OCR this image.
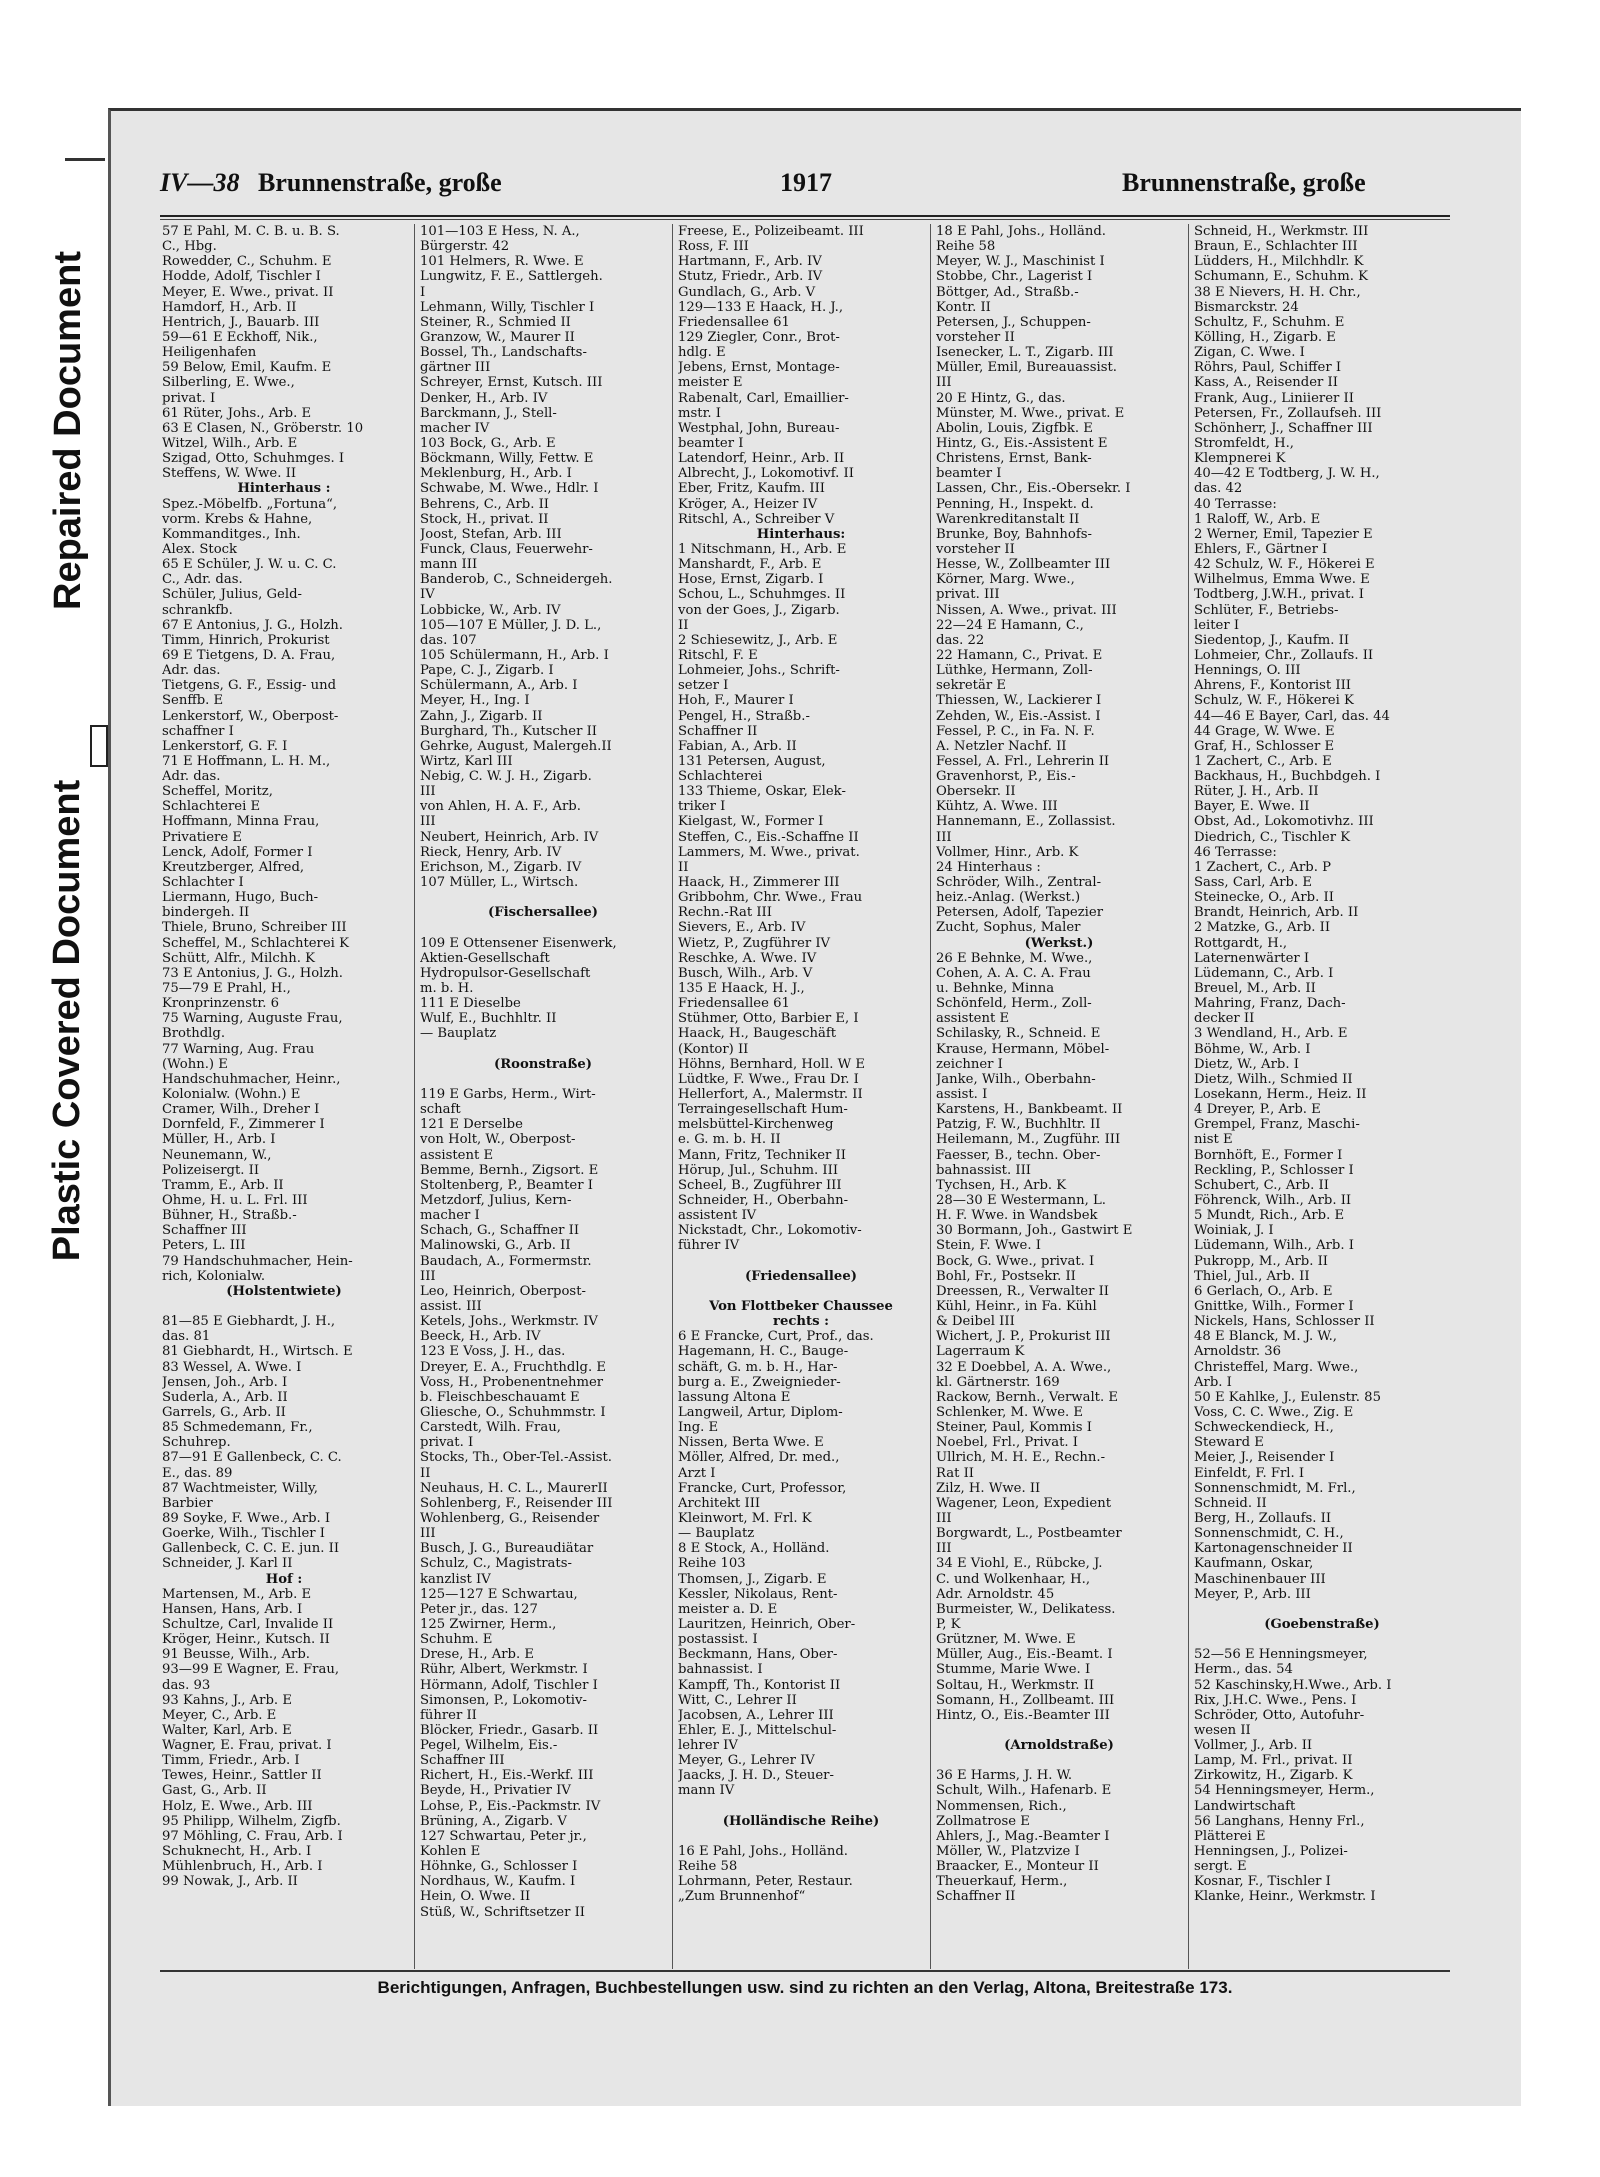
Repaired Document
Plastic Covered Document
IV—38 Brunnenstraße, große	1917	Brunnenstraße, große
57 E Pahl, M. C. B. u. B. S.
C., Hbg.
Rowedder, C., Schuhm. E
Hodde, Adolf, Tischler I
Meyer, E. Wwe., privat. II
Hamdorf, H., Arb. II
Hentrich, J., Bauarb. III
59—61 E Eckhoff, Nik.,
Heiligenhafen
59 Below, Emil, Kaufm. E
Silberling, E. Wwe.,
privat. I
61 Rüter, Johs., Arb. E
63 E Clasen, N., Gröberstr. 10
Witzel, Wilh., Arb. E
Szigad, Otto, Schuhmges. I
Steffens, W. Wwe. II
Hinterhaus :
Spez.-Möbelfb. „Fortuna“,
vorm. Krebs & Hahne,
Kommanditges., Inh.
Alex. Stock
65 E Schüler, J. W. u. C. C.
C., Adr. das.
Schüler, Julius, Geld-
schrankfb.
67 E Antonius, J. G., Holzh.
Timm, Hinrich, Prokurist
69 E Tietgens, D. A. Frau,
Adr. das.
Tietgens, G. F., Essig- und
Senffb. E
Lenkerstorf, W., Oberpost-
schaffner I
Lenkerstorf, G. F. I
71 E Hoffmann, L. H. M.,
Adr. das.
Scheffel, Moritz,
Schlachterei E
Hoffmann, Minna Frau,
Privatiere E
Lenck, Adolf, Former I
Kreutzberger, Alfred,
Schlachter I
Liermann, Hugo, Buch-
bindergeh. II
Thiele, Bruno, Schreiber III
Scheffel, M., Schlachterei K
Schütt, Alfr., Milchh. K
73 E Antonius, J. G., Holzh.
75—79 E Prahl, H.,
Kronprinzenstr. 6
75 Warning, Auguste Frau,
Brothdlg.
77 Warning, Aug. Frau
(Wohn.) E
Handschuhmacher, Heinr.,
Kolonialw. (Wohn.) E
Cramer, Wilh., Dreher I
Dornfeld, F., Zimmerer I
Müller, H., Arb. I
Neunemann, W.,
Polizeisergt. II
Tramm, E., Arb. II
Ohme, H. u. L. Frl. III
Bühner, H., Straßb.-
Schaffner III
Peters, L. III
79 Handschuhmacher, Hein-
rich, Kolonialw.
(Holstentwiete)
81—85 E Giebhardt, J. H.,
das. 81
81 Giebhardt, H., Wirtsch. E
83 Wessel, A. Wwe. I
Jensen, Joh., Arb. I
Suderla, A., Arb. II
Garrels, G., Arb. II
85 Schmedemann, Fr.,
Schuhrep.
87—91 E Gallenbeck, C. C.
E., das. 89
87 Wachtmeister, Willy,
Barbier
89 Soyke, F. Wwe., Arb. I
Goerke, Wilh., Tischler I
Gallenbeck, C. C. E. jun. II
Schneider, J. Karl II
Hof :
Martensen, M., Arb. E
Hansen, Hans, Arb. I
Schultze, Carl, Invalide II
Kröger, Heinr., Kutsch. II
91 Beusse, Wilh., Arb.
93—99 E Wagner, E. Frau,
das. 93
93 Kahns, J., Arb. E
Meyer, C., Arb. E
Walter, Karl, Arb. E
Wagner, E. Frau, privat. I
Timm, Friedr., Arb. I
Tewes, Heinr., Sattler II
Gast, G., Arb. II
Holz, E. Wwe., Arb. III
95 Philipp, Wilhelm, Zigfb.
97 Möhling, C. Frau, Arb. I
Schuknecht, H., Arb. I
Mühlenbruch, H., Arb. I
99 Nowak, J., Arb. II
101—103 E Hess, N. A.,
Bürgerstr. 42
101 Helmers, R. Wwe. E
Lungwitz, F. E., Sattlergeh.
I
Lehmann, Willy, Tischler I
Steiner, R., Schmied II
Granzow, W., Maurer II
Bossel, Th., Landschafts-
gärtner III
Schreyer, Ernst, Kutsch. III
Denker, H., Arb. IV
Barckmann, J., Stell-
macher IV
103 Bock, G., Arb. E
Böckmann, Willy, Fettw. E
Meklenburg, H., Arb. I
Schwabe, M. Wwe., Hdlr. I
Behrens, C., Arb. II
Stock, H., privat. II
Joost, Stefan, Arb. III
Funck, Claus, Feuerwehr-
mann III
Banderob, C., Schneidergeh.
IV
Lobbicke, W., Arb. IV
105—107 E Müller, J. D. L.,
das. 107
105 Schülermann, H., Arb. I
Pape, C. J., Zigarb. I
Schülermann, A., Arb. I
Meyer, H., Ing. I
Zahn, J., Zigarb. II
Burghard, Th., Kutscher II
Gehrke, August, Malergeh.II
Wirtz, Karl III
Nebig, C. W. J. H., Zigarb.
III
von Ahlen, H. A. F., Arb.
III
Neubert, Heinrich, Arb. IV
Rieck, Henry, Arb. IV
Erichson, M., Zigarb. IV
107 Müller, L., Wirtsch.
(Fischersallee)
109 E Ottensener Eisenwerk,
Aktien-Gesellschaft
Hydropulsor-Gesellschaft
m. b. H.
111 E Dieselbe
Wulf, E., Buchhltr. II
— Bauplatz
(Roonstraße)
119 E Garbs, Herm., Wirt-
schaft
121 E Derselbe
von Holt, W., Oberpost-
assistent E
Bemme, Bernh., Zigsort. E
Stoltenberg, P., Beamter I
Metzdorf, Julius, Kern-
macher I
Schach, G., Schaffner II
Malinowski, G., Arb. II
Baudach, A., Formermstr.
III
Leo, Heinrich, Oberpost-
assist. III
Ketels, Johs., Werkmstr. IV
Beeck, H., Arb. IV
123 E Voss, J. H., das.
Dreyer, E. A., Fruchthdlg. E
Voss, H., Probenentnehmer
b. Fleischbeschauamt E
Gliesche, O., Schuhmmstr. I
Carstedt, Wilh. Frau,
privat. I
Stocks, Th., Ober-Tel.-Assist.
II
Neuhaus, H. C. L., MaurerII
Sohlenberg, F., Reisender III
Wohlenberg, G., Reisender
III
Busch, J. G., Bureaudiätar
Schulz, C., Magistrats-
kanzlist IV
125—127 E Schwartau,
Peter jr., das. 127
125 Zwirner, Herm.,
Schuhm. E
Drese, H., Arb. E
Rühr, Albert, Werkmstr. I
Hörmann, Adolf, Tischler I
Simonsen, P., Lokomotiv-
führer II
Blöcker, Friedr., Gasarb. II
Pegel, Wilhelm, Eis.-
Schaffner III
Richert, H., Eis.-Werkf. III
Beyde, H., Privatier IV
Lohse, P., Eis.-Packmstr. IV
Brüning, A., Zigarb. V
127 Schwartau, Peter jr.,
Kohlen E
Höhnke, G., Schlosser I
Nordhaus, W., Kaufm. I
Hein, O. Wwe. II
Stüß, W., Schriftsetzer II
Freese, E., Polizeibeamt. III
Ross, F. III
Hartmann, F., Arb. IV
Stutz, Friedr., Arb. IV
Gundlach, G., Arb. V
129—133 E Haack, H. J.,
Friedensallee 61
129 Ziegler, Conr., Brot-
hdlg. E
Jebens, Ernst, Montage-
meister E
Rabenalt, Carl, Emaillier-
mstr. I
Westphal, John, Bureau-
beamter I
Latendorf, Heinr., Arb. II
Albrecht, J., Lokomotivf. II
Eber, Fritz, Kaufm. III
Kröger, A., Heizer IV
Ritschl, A., Schreiber V
Hinterhaus:
1 Nitschmann, H., Arb. E
Manshardt, F., Arb. E
Hose, Ernst, Zigarb. I
Schou, L., Schuhmges. II
von der Goes, J., Zigarb.
II
2 Schiesewitz, J., Arb. E
Ritschl, F. E
Lohmeier, Johs., Schrift-
setzer I
Hoh, F., Maurer I
Pengel, H., Straßb.-
Schaffner II
Fabian, A., Arb. II
131 Petersen, August,
Schlachterei
133 Thieme, Oskar, Elek-
triker I
Kielgast, W., Former I
Steffen, C., Eis.-Schaffne II
Lammers, M. Wwe., privat.
II
Haack, H., Zimmerer III
Gribbohm, Chr. Wwe., Frau
Rechn.-Rat III
Sievers, E., Arb. IV
Wietz, P., Zugführer IV
Reschke, A. Wwe. IV
Busch, Wilh., Arb. V
135 E Haack, H. J.,
Friedensallee 61
Stühmer, Otto, Barbier E, I
Haack, H., Baugeschäft
(Kontor) II
Höhns, Bernhard, Holl. W E
Lüdtke, F. Wwe., Frau Dr. I
Hellerfort, A., Malermstr. II
Terraingesellschaft Hum-
melsbüttel-Kirchenweg
e. G. m. b. H. II
Mann, Fritz, Techniker II
Hörup, Jul., Schuhm. III
Scheel, B., Zugführer III
Schneider, H., Oberbahn-
assistent IV
Nickstadt, Chr., Lokomotiv-
führer IV
(Friedensallee)
Von Flottbeker Chaussee
rechts :
6 E Francke, Curt, Prof., das.
Hagemann, H. C., Bauge-
schäft, G. m. b. H., Har-
burg a. E., Zweignieder-
lassung Altona E
Langweil, Artur, Diplom-
Ing. E
Nissen, Berta Wwe. E
Möller, Alfred, Dr. med.,
Arzt I
Francke, Curt, Professor,
Architekt III
Kleinwort, M. Frl. K
— Bauplatz
8 E Stock, A., Holländ.
Reihe 103
Thomsen, J., Zigarb. E
Kessler, Nikolaus, Rent-
meister a. D. E
Lauritzen, Heinrich, Ober-
postassist. I
Beckmann, Hans, Ober-
bahnassist. I
Kampff, Th., Kontorist II
Witt, C., Lehrer II
Jacobsen, A., Lehrer III
Ehler, E. J., Mittelschul-
lehrer IV
Meyer, G., Lehrer IV
Jaacks, J. H. D., Steuer-
mann IV
(Holländische Reihe)
16 E Pahl, Johs., Holländ.
Reihe 58
Lohrmann, Peter, Restaur.
„Zum Brunnenhof“
18 E Pahl, Johs., Holländ.
Reihe 58
Meyer, W. J., Maschinist I
Stobbe, Chr., Lagerist I
Böttger, Ad., Straßb.-
Kontr. II
Petersen, J., Schuppen-
vorsteher II
Isenecker, L. T., Zigarb. III
Müller, Emil, Bureauassist.
III
20 E Hintz, G., das.
Münster, M. Wwe., privat. E
Abolin, Louis, Zigfbk. E
Hintz, G., Eis.-Assistent E
Christens, Ernst, Bank-
beamter I
Lassen, Chr., Eis.-Obersekr. I
Penning, H., Inspekt. d.
Warenkreditanstalt II
Brunke, Boy, Bahnhofs-
vorsteher II
Hesse, W., Zollbeamter III
Körner, Marg. Wwe.,
privat. III
Nissen, A. Wwe., privat. III
22—24 E Hamann, C.,
das. 22
22 Hamann, C., Privat. E
Lüthke, Hermann, Zoll-
sekretär E
Thiessen, W., Lackierer I
Zehden, W., Eis.-Assist. I
Fessel, P. C., in Fa. N. F.
A. Netzler Nachf. II
Fessel, A. Frl., Lehrerin II
Gravenhorst, P., Eis.-
Obersekr. II
Kühtz, A. Wwe. III
Hannemann, E., Zollassist.
III
Vollmer, Hinr., Arb. K
24 Hinterhaus :
Schröder, Wilh., Zentral-
heiz.-Anlag. (Werkst.)
Petersen, Adolf, Tapezier
Zucht, Sophus, Maler
(Werkst.)
26 E Behnke, M. Wwe.,
Cohen, A. A. C. A. Frau
u. Behnke, Minna
Schönfeld, Herm., Zoll-
assistent E
Schilasky, R., Schneid. E
Krause, Hermann, Möbel-
zeichner I
Janke, Wilh., Oberbahn-
assist. I
Karstens, H., Bankbeamt. II
Patzig, F. W., Buchhltr. II
Heilemann, M., Zugführ. III
Faesser, B., techn. Ober-
bahnassist. III
Tychsen, H., Arb. K
28—30 E Westermann, L.
H. F. Wwe. in Wandsbek
30 Bormann, Joh., Gastwirt E
Stein, F. Wwe. I
Bock, G. Wwe., privat. I
Bohl, Fr., Postsekr. II
Dreessen, R., Verwalter II
Kühl, Heinr., in Fa. Kühl
& Deibel III
Wichert, J. P., Prokurist III
Lagerraum K
32 E Doebbel, A. A. Wwe.,
kl. Gärtnerstr. 169
Rackow, Bernh., Verwalt. E
Schlenker, M. Wwe. E
Steiner, Paul, Kommis I
Noebel, Frl., Privat. I
Ullrich, M. H. E., Rechn.-
Rat II
Zilz, H. Wwe. II
Wagener, Leon, Expedient
III
Borgwardt, L., Postbeamter
III
34 E Viohl, E., Rübcke, J.
C. und Wolkenhaar, H.,
Adr. Arnoldstr. 45
Burmeister, W., Delikatess.
P, K
Grützner, M. Wwe. E
Müller, Aug., Eis.-Beamt. I
Stumme, Marie Wwe. I
Soltau, H., Werkmstr. II
Somann, H., Zollbeamt. III
Hintz, O., Eis.-Beamter III
(Arnoldstraße)
36 E Harms, J. H. W.
Schult, Wilh., Hafenarb. E
Nommensen, Rich.,
Zollmatrose E
Ahlers, J., Mag.-Beamter I
Möller, W., Platzvize I
Braacker, E., Monteur II
Theuerkauf, Herm.,
Schaffner II
Schneid, H., Werkmstr. III
Braun, E., Schlachter III
Lüdders, H., Milchhdlr. K
Schumann, E., Schuhm. K
38 E Nievers, H. H. Chr.,
Bismarckstr. 24
Schultz, F., Schuhm. E
Kölling, H., Zigarb. E
Zigan, C. Wwe. I
Röhrs, Paul, Schiffer I
Kass, A., Reisender II
Frank, Aug., Liniierer II
Petersen, Fr., Zollaufseh. III
Schönherr, J., Schaffner III
Stromfeldt, H.,
Klempnerei K
40—42 E Todtberg, J. W. H.,
das. 42
40 Terrasse:
1 Raloff, W., Arb. E
2 Werner, Emil, Tapezier E
Ehlers, F., Gärtner I
42 Schulz, W. F., Hökerei E
Wilhelmus, Emma Wwe. E
Todtberg, J.W.H., privat. I
Schlüter, F., Betriebs-
leiter I
Siedentop, J., Kaufm. II
Lohmeier, Chr., Zollaufs. II
Hennings, O. III
Ahrens, F., Kontorist III
Schulz, W. F., Hökerei K
44—46 E Bayer, Carl, das. 44
44 Grage, W. Wwe. E
Graf, H., Schlosser E
1 Zachert, C., Arb. E
Backhaus, H., Buchbdgeh. I
Rüter, J. H., Arb. II
Bayer, E. Wwe. II
Obst, Ad., Lokomotivhz. III
Diedrich, C., Tischler K
46 Terrasse:
1 Zachert, C., Arb. P
Sass, Carl, Arb. E
Steinecke, O., Arb. II
Brandt, Heinrich, Arb. II
2 Matzke, G., Arb. II
Rottgardt, H.,
Laternenwärter I
Lüdemann, C., Arb. I
Breuel, M., Arb. II
Mahring, Franz, Dach-
decker II
3 Wendland, H., Arb. E
Böhme, W., Arb. I
Dietz, W., Arb. I
Dietz, Wilh., Schmied II
Losekann, Herm., Heiz. II
4 Dreyer, P., Arb. E
Grempel, Franz, Maschi-
nist E
Bornhöft, E., Former I
Reckling, P., Schlosser I
Schubert, C., Arb. II
Föhrenck, Wilh., Arb. II
5 Mundt, Rich., Arb. E
Woiniak, J. I
Lüdemann, Wilh., Arb. I
Pukropp, M., Arb. II
Thiel, Jul., Arb. II
6 Gerlach, O., Arb. E
Gnittke, Wilh., Former I
Nickels, Hans, Schlosser II
48 E Blanck, M. J. W.,
Arnoldstr. 36
Christeffel, Marg. Wwe.,
Arb. I
50 E Kahlke, J., Eulenstr. 85
Voss, C. C. Wwe., Zig. E
Schweckendieck, H.,
Steward E
Meier, J., Reisender I
Einfeldt, F. Frl. I
Sonnenschmidt, M. Frl.,
Schneid. II
Berg, H., Zollaufs. II
Sonnenschmidt, C. H.,
Kartonagenschneider II
Kaufmann, Oskar,
Maschinenbauer III
Meyer, P., Arb. III
(Goebenstraße)
52—56 E Henningsmeyer,
Herm., das. 54
52 Kaschinsky,H.Wwe., Arb. I
Rix, J.H.C. Wwe., Pens. I
Schröder, Otto, Autofuhr-
wesen II
Vollmer, J., Arb. II
Lamp, M. Frl., privat. II
Zirkowitz, H., Zigarb. K
54 Henningsmeyer, Herm.,
Landwirtschaft
56 Langhans, Henny Frl.,
Plätterei E
Henningsen, J., Polizei-
sergt. E
Kosnar, F., Tischler I
Klanke, Heinr., Werkmstr. I
Berichtigungen, Anfragen, Buchbestellungen usw. sind zu richten an den Verlag, Altona, Breitestraße 173.
